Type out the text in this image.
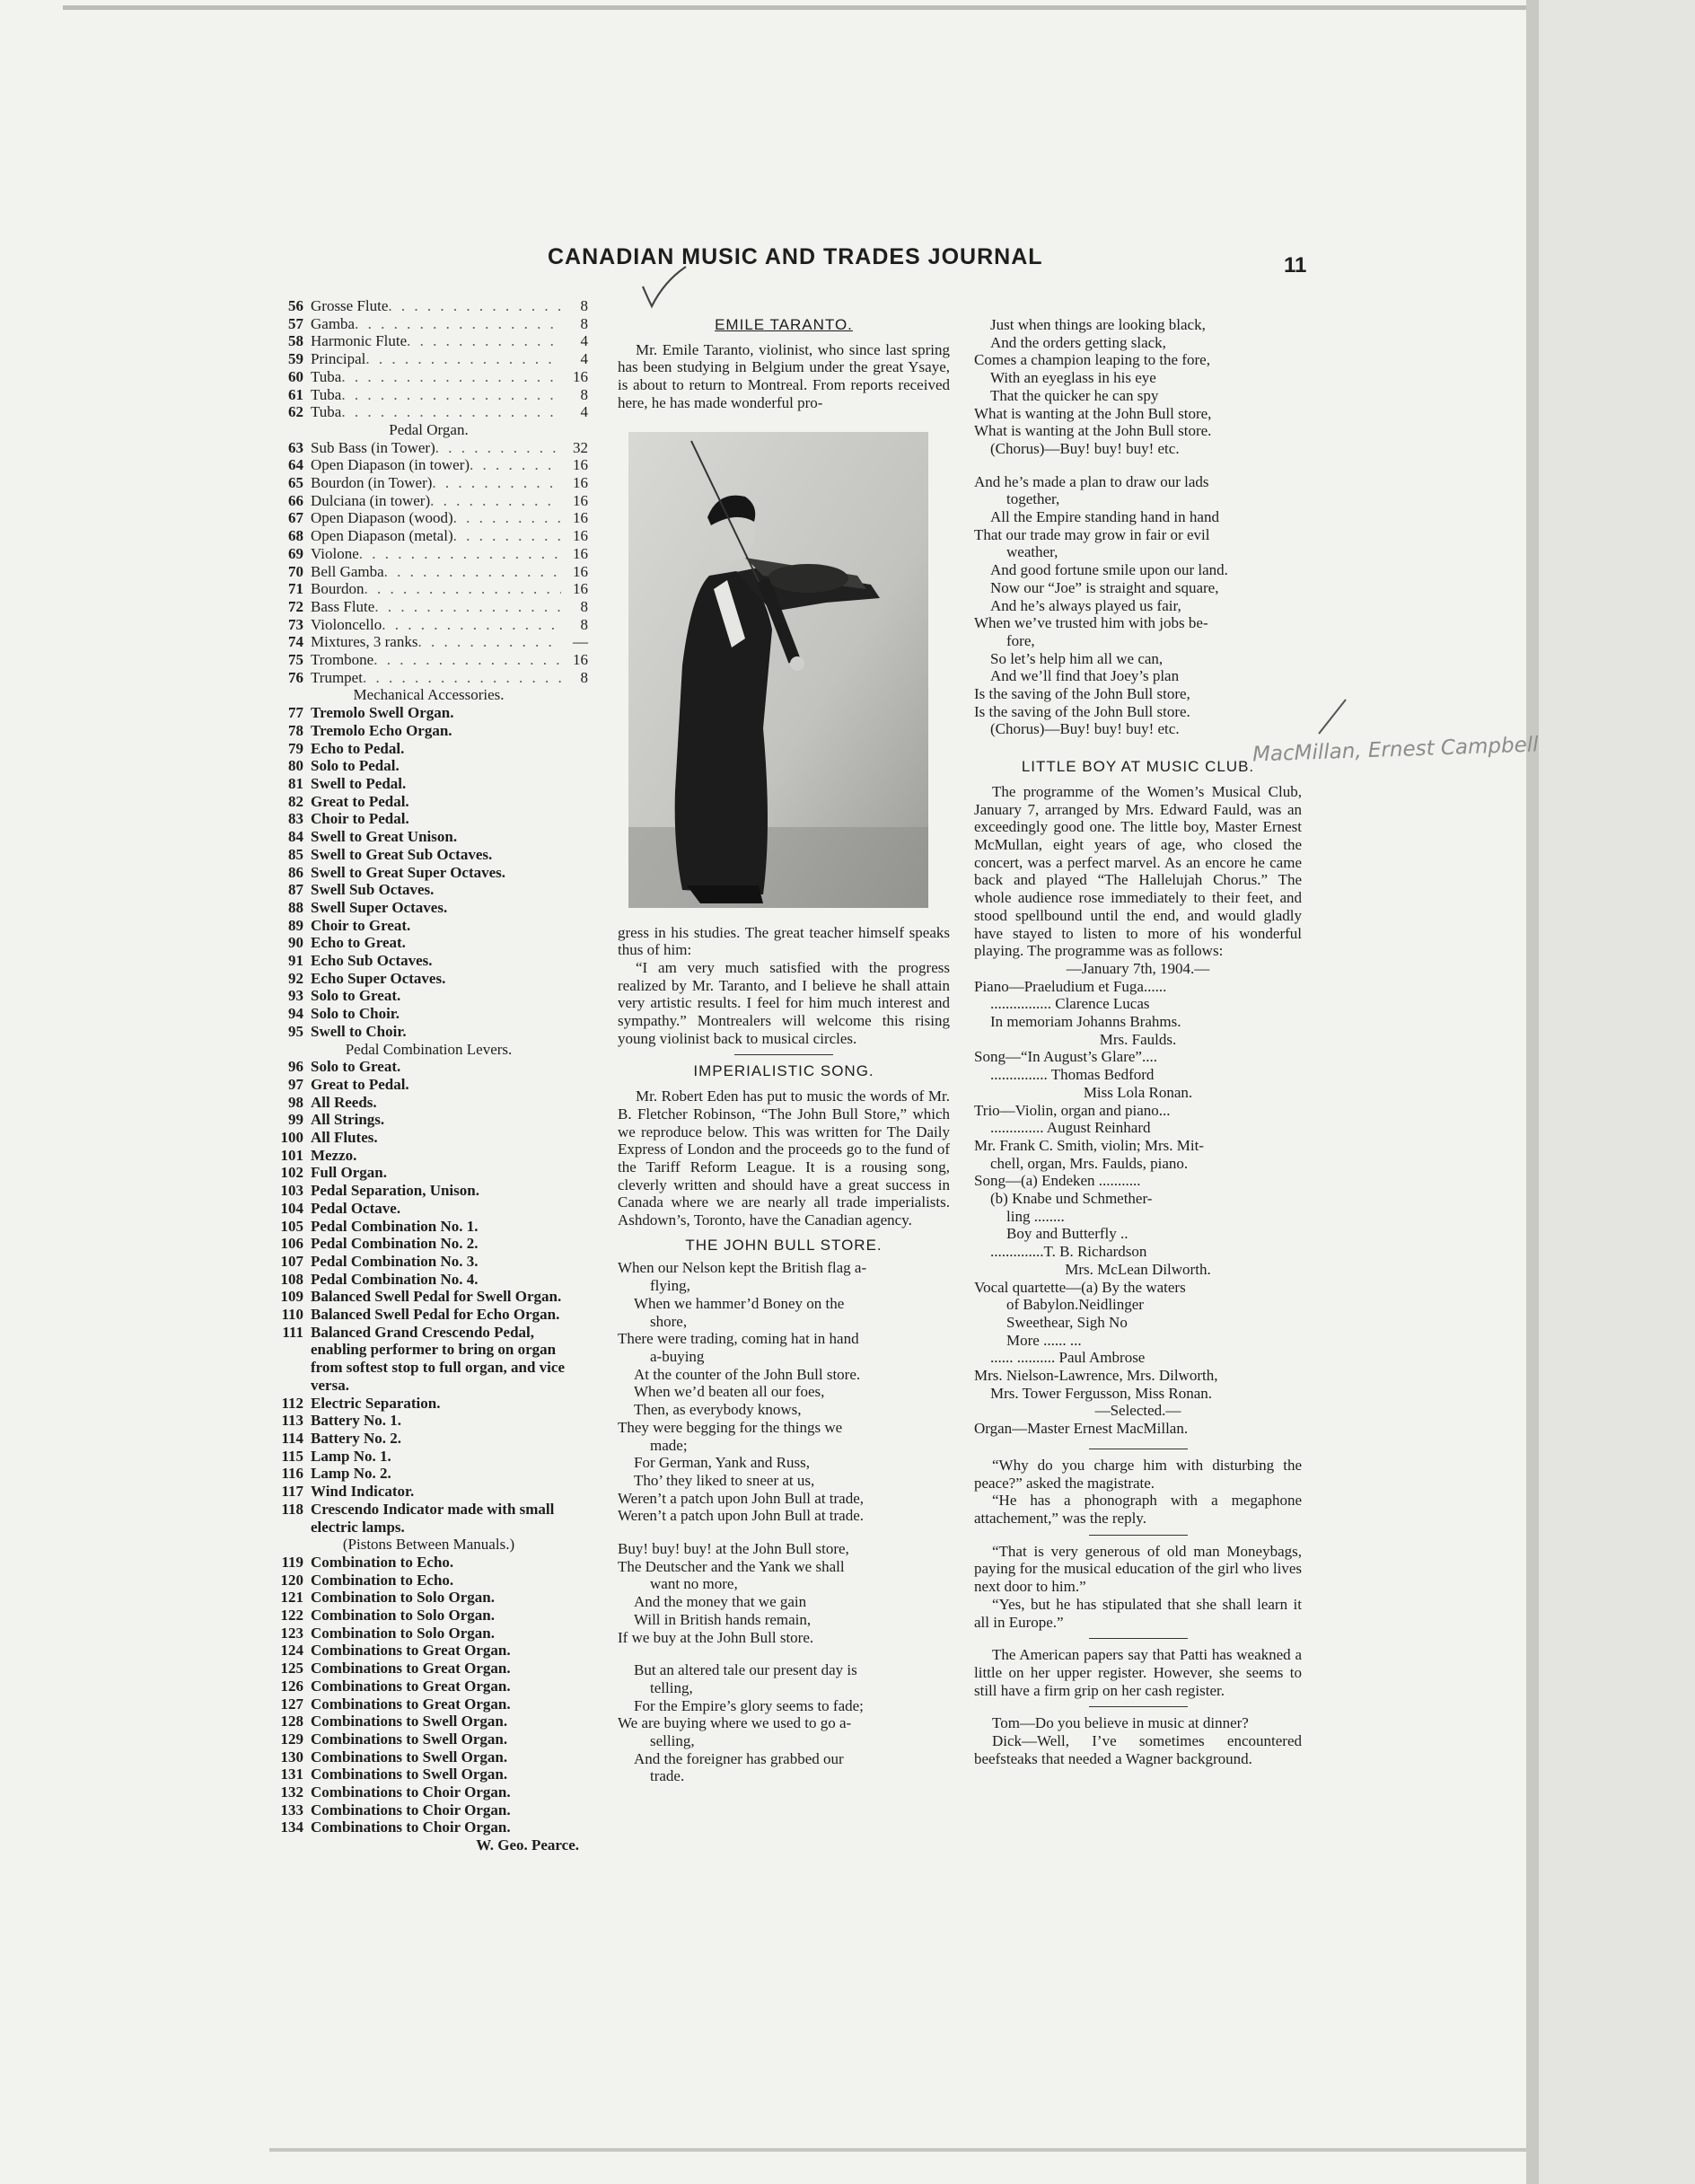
CANADIAN MUSIC AND TRADES JOURNAL	11
MacMillan, Ernest Campbell
56 Grosse Flute . . .	8
57 Gamba . . .	8
58 Harmonic Flute . . .	4
59 Principal . . .	4
60 Tuba . . .	16
61 Tuba . . .	8
62 Tuba . . .	4
Pedal Organ.
63 Sub Bass (in Tower) . . .	32
64 Open Diapason (in tower) . . .	16
65 Bourdon (in Tower) . . .	16
66 Dulciana (in tower) . . .	16
67 Open Diapason (wood) . . .	16
68 Open Diapason (metal) . . .	16
69 Violone . . .	16
70 Bell Gamba . . .	16
71 Bourdon . . .	16
72 Bass Flute . . .	8
73 Violoncello . . .	8
74 Mixtures, 3 ranks . . .	—
75 Trombone . . .	16
76 Trumpet . . .	8
Mechanical Accessories.
77 Tremolo Swell Organ.
78 Tremolo Echo Organ.
79 Echo to Pedal.
80 Solo to Pedal.
81 Swell to Pedal.
82 Great to Pedal.
83 Choir to Pedal.
84 Swell to Great Unison.
85 Swell to Great Sub Octaves.
86 Swell to Great Super Octaves.
87 Swell Sub Octaves.
88 Swell Super Octaves.
89 Choir to Great.
90 Echo to Great.
91 Echo Sub Octaves.
92 Echo Super Octaves.
93 Solo to Great.
94 Solo to Choir.
95 Swell to Choir.
Pedal Combination Levers.
96 Solo to Great.
97 Great to Pedal.
98 All Reeds.
99 All Strings.
100 All Flutes.
101 Mezzo.
102 Full Organ.
103 Pedal Separation, Unison.
104 Pedal Octave.
105 Pedal Combination No. 1.
106 Pedal Combination No. 2.
107 Pedal Combination No. 3.
108 Pedal Combination No. 4.
109 Balanced Swell Pedal for Swell Organ.
110 Balanced Swell Pedal for Echo Organ.
111 Balanced Grand Crescendo Pedal, enabling performer to bring on organ from softest stop to full organ, and vice versa.
112 Electric Separation.
113 Battery No. 1.
114 Battery No. 2.
115 Lamp No. 1.
116 Lamp No. 2.
117 Wind Indicator.
118 Crescendo Indicator made with small electric lamps.
(Pistons Between Manuals.)
119 Combination to Echo.
120 Combination to Echo.
121 Combination to Solo Organ.
122 Combination to Solo Organ.
123 Combination to Solo Organ.
124 Combinations to Great Organ.
125 Combinations to Great Organ.
126 Combinations to Great Organ.
127 Combinations to Great Organ.
128 Combinations to Swell Organ.
129 Combinations to Swell Organ.
130 Combinations to Swell Organ.
131 Combinations to Swell Organ.
132 Combinations to Choir Organ.
133 Combinations to Choir Organ.
134 Combinations to Choir Organ.
W. Geo. Pearce.
EMILE TARANTO.

Mr. Emile Taranto, violinist, who since last spring has been studying in Belgium under the great Ysaye, is about to return to Montreal. From reports received here, he has made wonderful pro-

gress in his studies. The great teacher himself speaks thus of him:

“I am very much satisfied with the progress realized by Mr. Taranto, and I believe he shall attain very artistic results. I feel for him much interest and sympathy.” Montrealers will welcome this rising young violinist back to musical circles.

IMPERIALISTIC SONG.

Mr. Robert Eden has put to music the words of Mr. B. Fletcher Robinson, “The John Bull Store,” which we reproduce below. This was written for The Daily Express of London and the proceeds go to the fund of the Tariff Reform League. It is a rousing song, cleverly written and should have a great success in Canada where we are nearly all trade imperialists. Ashdown’s, Toronto, have the Canadian agency.

THE JOHN BULL STORE.
When our Nelson kept the British flag a-
flying,
When we hammer’d Boney on the
shore,
There were trading, coming hat in hand
a-buying
At the counter of the John Bull store.
When we’d beaten all our foes,
Then, as everybody knows,
They were begging for the things we
made;
For German, Yank and Russ,
Tho’ they liked to sneer at us,
Weren’t a patch upon John Bull at trade,
Weren’t a patch upon John Bull at trade.
Buy! buy! buy! at the John Bull store,
The Deutscher and the Yank we shall
want no more,
And the money that we gain
Will in British hands remain,
If we buy at the John Bull store.
But an altered tale our present day is
telling,
For the Empire’s glory seems to fade;
We are buying where we used to go a-
selling,
And the foreigner has grabbed our
trade.
Just when things are looking black,
And the orders getting slack,
Comes a champion leaping to the fore,
With an eyeglass in his eye
That the quicker he can spy
What is wanting at the John Bull store,
What is wanting at the John Bull store.
(Chorus)—Buy! buy! buy! etc.
And he’s made a plan to draw our lads
together,
All the Empire standing hand in hand
That our trade may grow in fair or evil
weather,
And good fortune smile upon our land.
Now our “Joe” is straight and square,
And he’s always played us fair,
When we’ve trusted him with jobs be-
fore,
So let’s help him all we can,
And we’ll find that Joey’s plan
Is the saving of the John Bull store,
Is the saving of the John Bull store.
(Chorus)—Buy! buy! buy! etc.
LITTLE BOY AT MUSIC CLUB.

The programme of the Women’s Musical Club, January 7, arranged by Mrs. Edward Fauld, was an exceedingly good one. The little boy, Master Ernest McMullan, eight years of age, who closed the concert, was a perfect marvel. As an encore he came back and played “The Hallelujah Chorus.” The whole audience rose immediately to their feet, and stood spellbound until the end, and would gladly have stayed to listen to more of his wonderful playing. The programme was as follows:

—January 7th, 1904.—
Piano—Praeludium et Fuga......
................ Clarence Lucas
In memoriam Johanns Brahms.
Mrs. Faulds.
Song—“In August’s Glare”....
............... Thomas Bedford
Miss Lola Ronan.
Trio—Violin, organ and piano...
.............. August Reinhard
Mr. Frank C. Smith, violin; Mrs. Mit-
chell, organ, Mrs. Faulds, piano.
Song—(a) Endeken ...........
(b) Knabe und Schmether-
ling ........
Boy and Butterfly ..
..............T. B. Richardson
Mrs. McLean Dilworth.
Vocal quartette—(a) By the waters
of Babylon.Neidlinger
Sweethear, Sigh No
More ...... ...
...... .......... Paul Ambrose
Mrs. Nielson-Lawrence, Mrs. Dilworth,
Mrs. Tower Fergusson, Miss Ronan.
—Selected.—
Organ—Master Ernest MacMillan.

“Why do you charge him with disturbing the peace?” asked the magistrate.

“He has a phonograph with a megaphone attachement,” was the reply.

“That is very generous of old man Moneybags, paying for the musical education of the girl who lives next door to him.”

“Yes, but he has stipulated that she shall learn it all in Europe.”

The American papers say that Patti has weakned a little on her upper register. However, she seems to still have a firm grip on her cash register.

Tom—Do you believe in music at dinner?

Dick—Well, I’ve sometimes encountered beefsteaks that needed a Wagner background.
